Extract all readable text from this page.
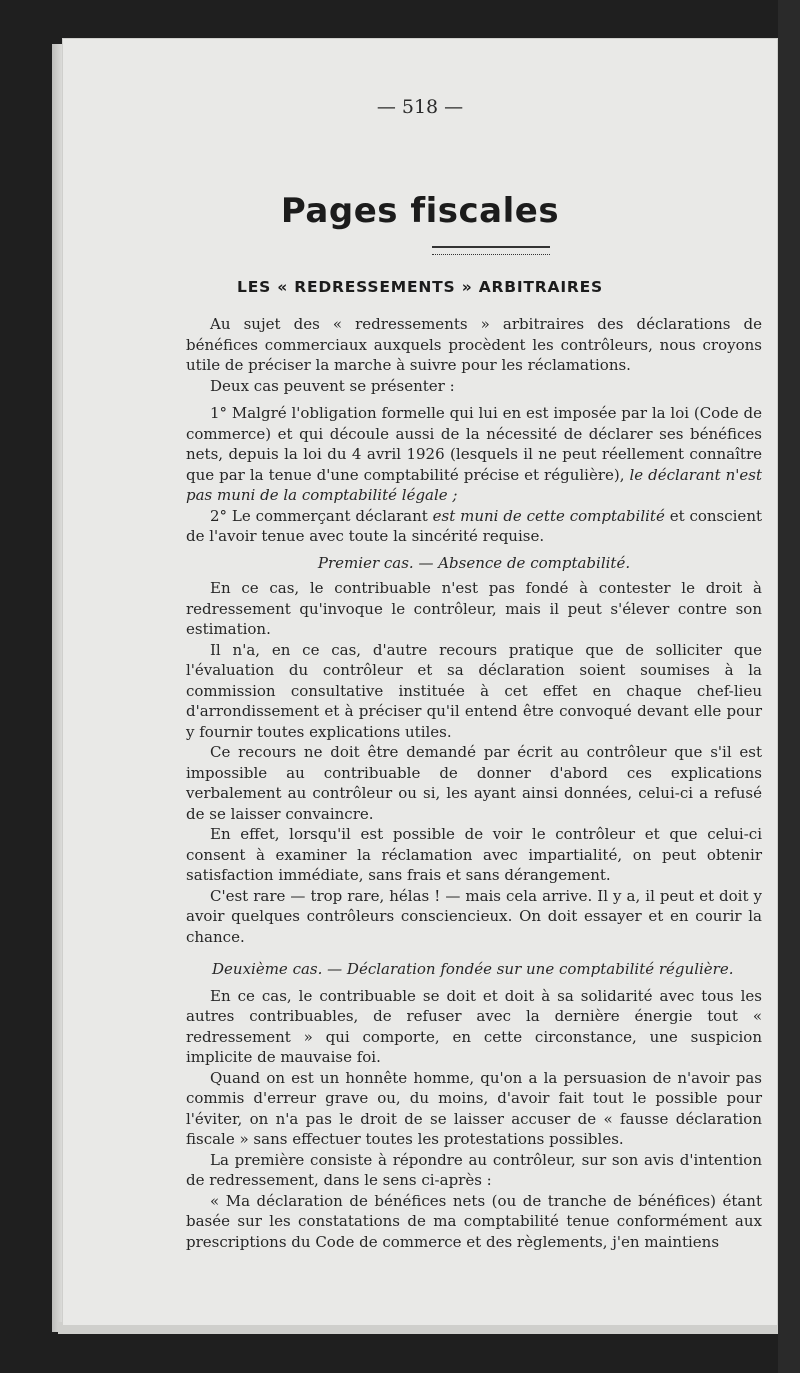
— 518 —
Pages fiscales
LES « REDRESSEMENTS » ARBITRAIRES

Au sujet des « redressements » arbitraires des déclarations de bénéfices commerciaux auxquels procèdent les contrôleurs, nous croyons utile de préciser la marche à suivre pour les réclamations.

Deux cas peuvent se présenter :

1° Malgré l'obligation formelle qui lui en est imposée par la loi (Code de commerce) et qui découle aussi de la nécessité de déclarer ses bénéfices nets, depuis la loi du 4 avril 1926 (lesquels il ne peut réellement connaître que par la tenue d'une comptabilité précise et régulière), le déclarant n'est pas muni de la comptabilité légale ;

2° Le commerçant déclarant est muni de cette comptabilité et conscient de l'avoir tenue avec toute la sincérité requise.

Premier cas. — Absence de comptabilité.

En ce cas, le contribuable n'est pas fondé à contester le droit à redressement qu'invoque le contrôleur, mais il peut s'élever contre son estimation.

Il n'a, en ce cas, d'autre recours pratique que de solliciter que l'évaluation du contrôleur et sa déclaration soient soumises à la commission consultative instituée à cet effet en chaque chef-lieu d'arrondissement et à préciser qu'il entend être convoqué devant elle pour y fournir toutes explications utiles.

Ce recours ne doit être demandé par écrit au contrôleur que s'il est impossible au contribuable de donner d'abord ces explications verbalement au contrôleur ou si, les ayant ainsi données, celui-ci a refusé de se laisser convaincre.

En effet, lorsqu'il est possible de voir le contrôleur et que celui-ci consent à examiner la réclamation avec impartialité, on peut obtenir satisfaction immédiate, sans frais et sans dérangement.

C'est rare — trop rare, hélas ! — mais cela arrive. Il y a, il peut et doit y avoir quelques contrôleurs consciencieux. On doit essayer et en courir la chance.

Deuxième cas. — Déclaration fondée sur une comptabilité régulière.

En ce cas, le contribuable se doit et doit à sa solidarité avec tous les autres contribuables, de refuser avec la dernière énergie tout « redressement » qui comporte, en cette circonstance, une suspicion implicite de mauvaise foi.

Quand on est un honnête homme, qu'on a la persuasion de n'avoir pas commis d'erreur grave ou, du moins, d'avoir fait tout le possible pour l'éviter, on n'a pas le droit de se laisser accuser de « fausse déclaration fiscale » sans effectuer toutes les protestations possibles.

La première consiste à répondre au contrôleur, sur son avis d'intention de redressement, dans le sens ci-après :

« Ma déclaration de bénéfices nets (ou de tranche de bénéfices) étant basée sur les constatations de ma comptabilité tenue conformément aux prescriptions du Code de commerce et des règlements, j'en maintiens
